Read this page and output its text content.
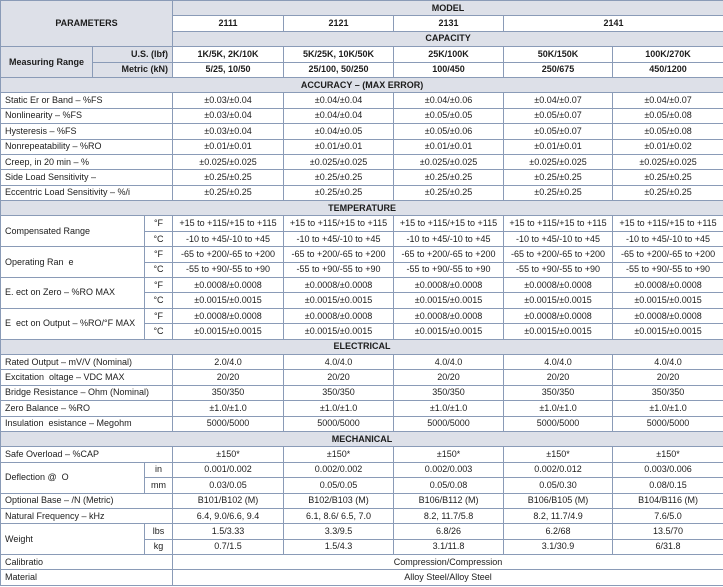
PARAMETERS			MODEL				
			2111	2121	2131	2141	
			CAPACITY				
Measuring Range	U.S. (lbf)		1K/5K, 2K/10K	5K/25K, 10K/50K	25K/100K	50K/150K	100K/270K
	Metric (kN)		5/25, 10/50	25/100, 50/250	100/450	250/675	450/1200
ACCURACY – (MAX ERROR)							
Static Er or Band – %FS			±0.03/±0.04	±0.04/±0.04	±0.04/±0.06	±0.04/±0.07	±0.04/±0.07
Nonlinearity – %FS			±0.03/±0.04	±0.04/±0.04	±0.05/±0.05	±0.05/±0.07	±0.05/±0.08
Hysteresis – %FS			±0.03/±0.04	±0.04/±0.05	±0.05/±0.06	±0.05/±0.07	±0.05/±0.08
Nonrepeatability – %RO			±0.01/±0.01	±0.01/±0.01	±0.01/±0.01	±0.01/±0.01	±0.01/±0.02
Creep, in 20 min – %			±0.025/±0.025	±0.025/±0.025	±0.025/±0.025	±0.025/±0.025	±0.025/±0.025
Side Load Sensitivity –			±0.25/±0.25	±0.25/±0.25	±0.25/±0.25	±0.25/±0.25	±0.25/±0.25
Eccentric Load Sensitivity – %/i			±0.25/±0.25	±0.25/±0.25	±0.25/±0.25	±0.25/±0.25	±0.25/±0.25
TEMPERATURE							
Compensated Range		°F	+15 to +115/+15 to +115	+15 to +115/+15 to +115	+15 to +115/+15 to +115	+15 to +115/+15 to +115	+15 to +115/+15 to +115
		°C	-10 to +45/-10 to +45	-10 to +45/-10 to +45	-10 to +45/-10 to +45	-10 to +45/-10 to +45	-10 to +45/-10 to +45
Operating Ran  e		°F	-65 to +200/-65 to +200	-65 to +200/-65 to +200	-65 to +200/-65 to +200	-65 to +200/-65 to +200	-65 to +200/-65 to +200
		°C	-55 to +90/-55 to +90	-55 to +90/-55 to +90	-55 to +90/-55 to +90	-55 to +90/-55 to +90	-55 to +90/-55 to +90
E. ect on Zero – %RO MAX		°F	±0.0008/±0.0008	±0.0008/±0.0008	±0.0008/±0.0008	±0.0008/±0.0008	±0.0008/±0.0008
		°C	±0.0015/±0.0015	±0.0015/±0.0015	±0.0015/±0.0015	±0.0015/±0.0015	±0.0015/±0.0015
E  ect on Output – %RO/°F MAX		°F	±0.0008/±0.0008	±0.0008/±0.0008	±0.0008/±0.0008	±0.0008/±0.0008	±0.0008/±0.0008
		°C	±0.0015/±0.0015	±0.0015/±0.0015	±0.0015/±0.0015	±0.0015/±0.0015	±0.0015/±0.0015
ELECTRICAL							
Rated Output – mV/V (Nominal)			2.0/4.0	4.0/4.0	4.0/4.0	4.0/4.0	4.0/4.0
Excitation  oltage – VDC MAX			20/20	20/20	20/20	20/20	20/20
Bridge Resistance – Ohm (Nominal)			350/350	350/350	350/350	350/350	350/350
Zero Balance – %RO			±1.0/±1.0	±1.0/±1.0	±1.0/±1.0	±1.0/±1.0	±1.0/±1.0
Insulation  esistance – Megohm			5000/5000	5000/5000	5000/5000	5000/5000	5000/5000
MECHANICAL							
Safe Overload – %CAP			±150*	±150*	±150*	±150*	±150*
Deflection @  O		in	0.001/0.002	0.002/0.002	0.002/0.003	0.002/0.012	0.003/0.006
		mm	0.03/0.05	0.05/0.05	0.05/0.08	0.05/0.30	0.08/0.15
Optional Base – /N (Metric)			B101/B102 (M)	B102/B103 (M)	B106/B112 (M)	B106/B105 (M)	B104/B116 (M)
Natural Frequency – kHz			6.4, 9.0/6.6, 9.4	6.1, 8.6/ 6.5, 7.0	8.2, 11.7/5.8	8.2, 11.7/4.9	7.6/5.0
Weight		lbs	1.5/3.33	3.3/9.5	6.8/26	6.2/68	13.5/70
		kg	0.7/1.5	1.5/4.3	3.1/11.8	3.1/30.9	6/31.8
Calibratio			Compression/Compression				
Material			Alloy Steel/Alloy Steel				
